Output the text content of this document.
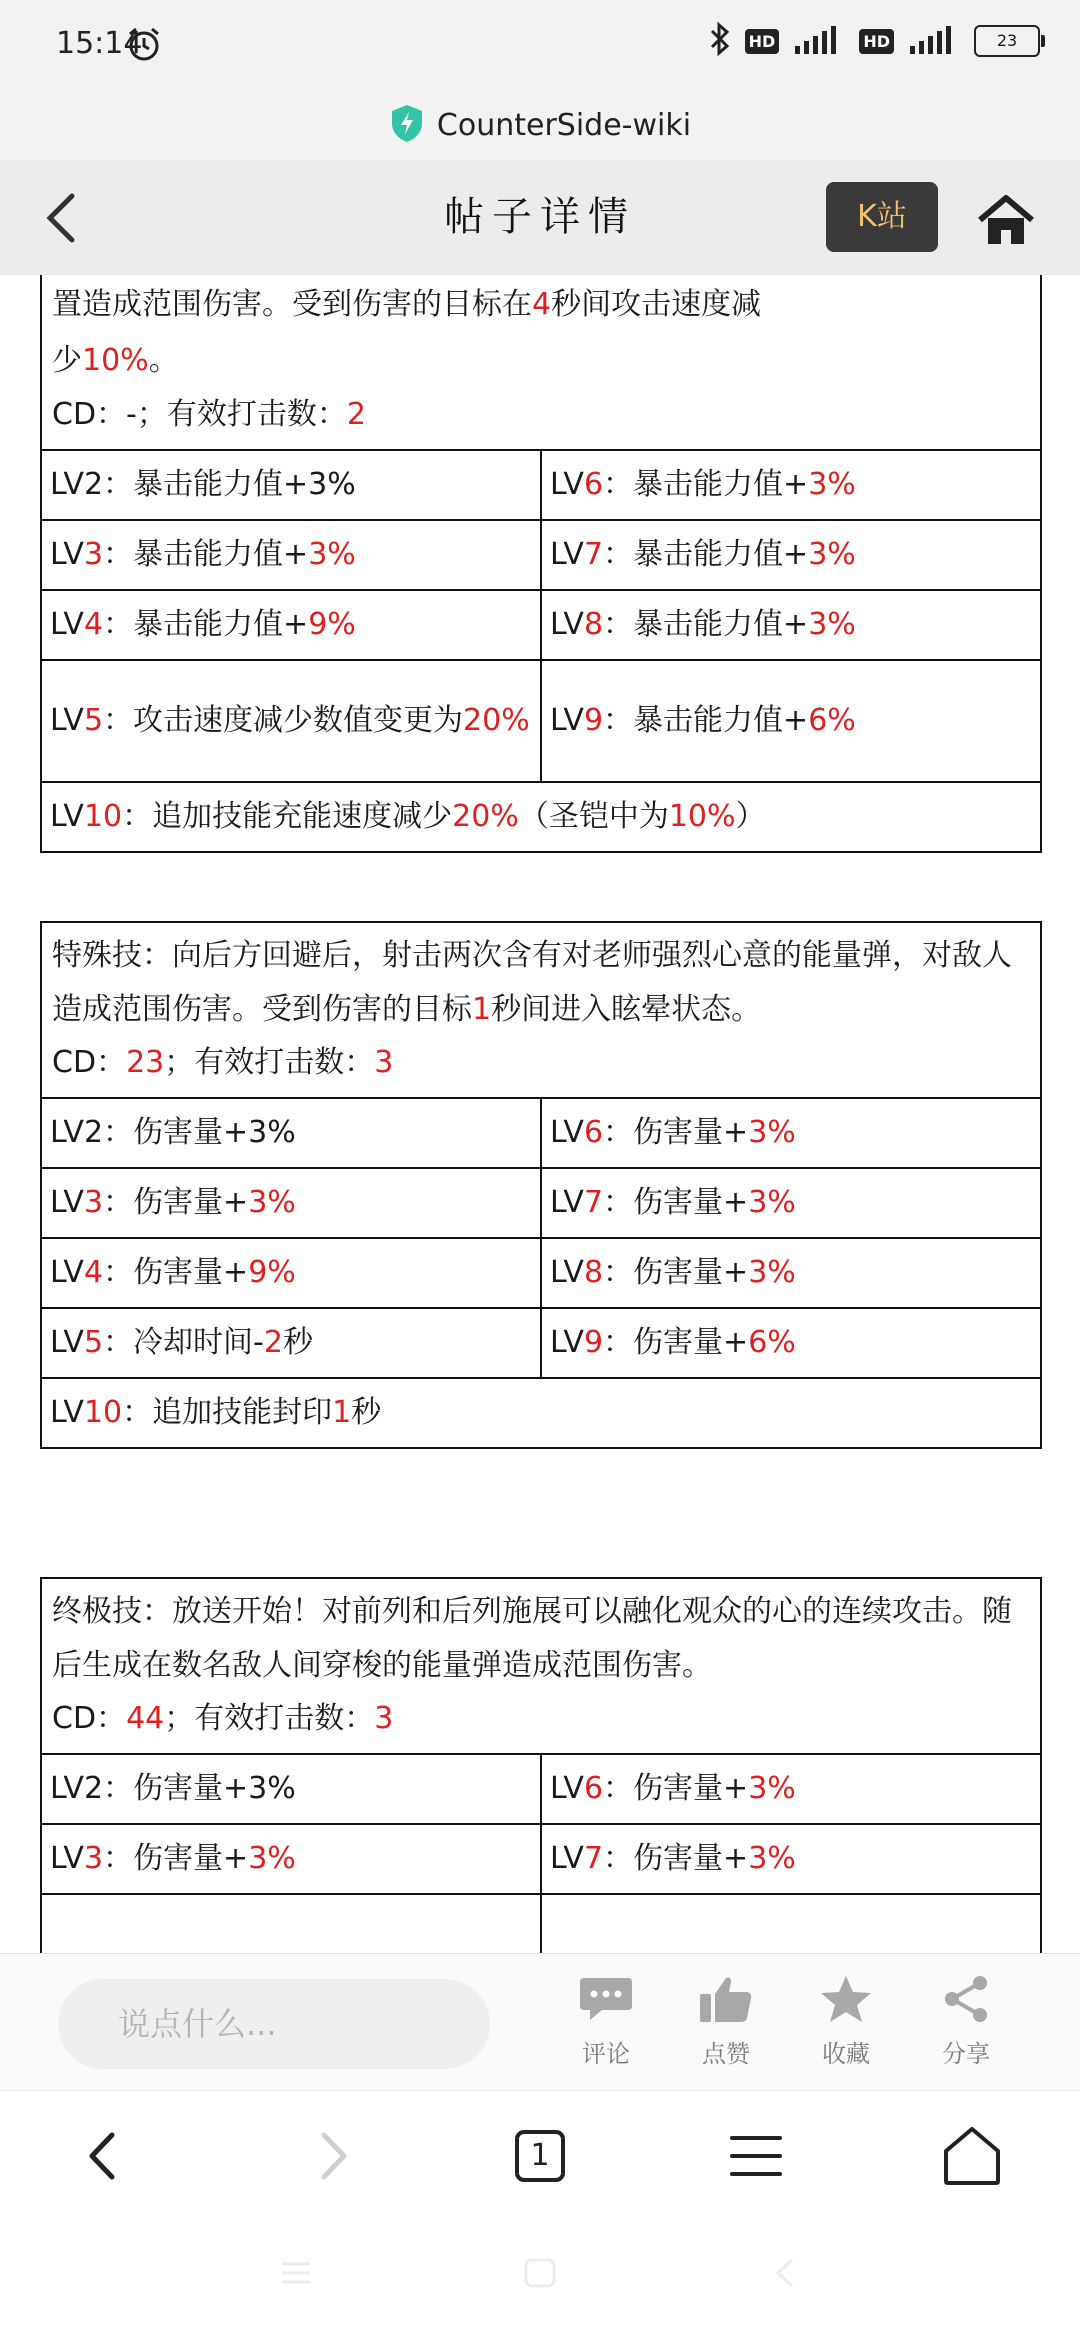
15:14	HD	HD	23
CounterSide-wiki
帖子详情	K站
置造成范围伤害。受到伤害的目标在4秒间攻击速度减
少10%。
CD：-；有效打击数：2	

LV2：暴击能力值+3%	LV6：暴击能力值+3%
LV3：暴击能力值+3%	LV7：暴击能力值+3%
LV4：暴击能力值+9%	LV8：暴击能力值+3%
LV5：攻击速度减少数值变更为20%	LV9：暴击能力值+6%
LV10：追加技能充能速度减少20%（圣铠中为10%）	
特殊技：向后方回避后，射击两次含有对老师强烈心意的能量弹，对敌人造成范围伤害。受到伤害的目标1秒间进入眩晕状态。
CD：23；有效打击数：3	

LV2：伤害量+3%	LV6：伤害量+3%
LV3：伤害量+3%	LV7：伤害量+3%
LV4：伤害量+9%	LV8：伤害量+3%
LV5：冷却时间-2秒	LV9：伤害量+6%
LV10：追加技能封印1秒	
终极技：放送开始！对前列和后列施展可以融化观众的心的连续攻击。随后生成在数名敌人间穿梭的能量弹造成范围伤害。
CD：44；有效打击数：3	

LV2：伤害量+3%	LV6：伤害量+3%
LV3：伤害量+3%	LV7：伤害量+3%

说点什么...
评论	点赞	收藏	分享
1
